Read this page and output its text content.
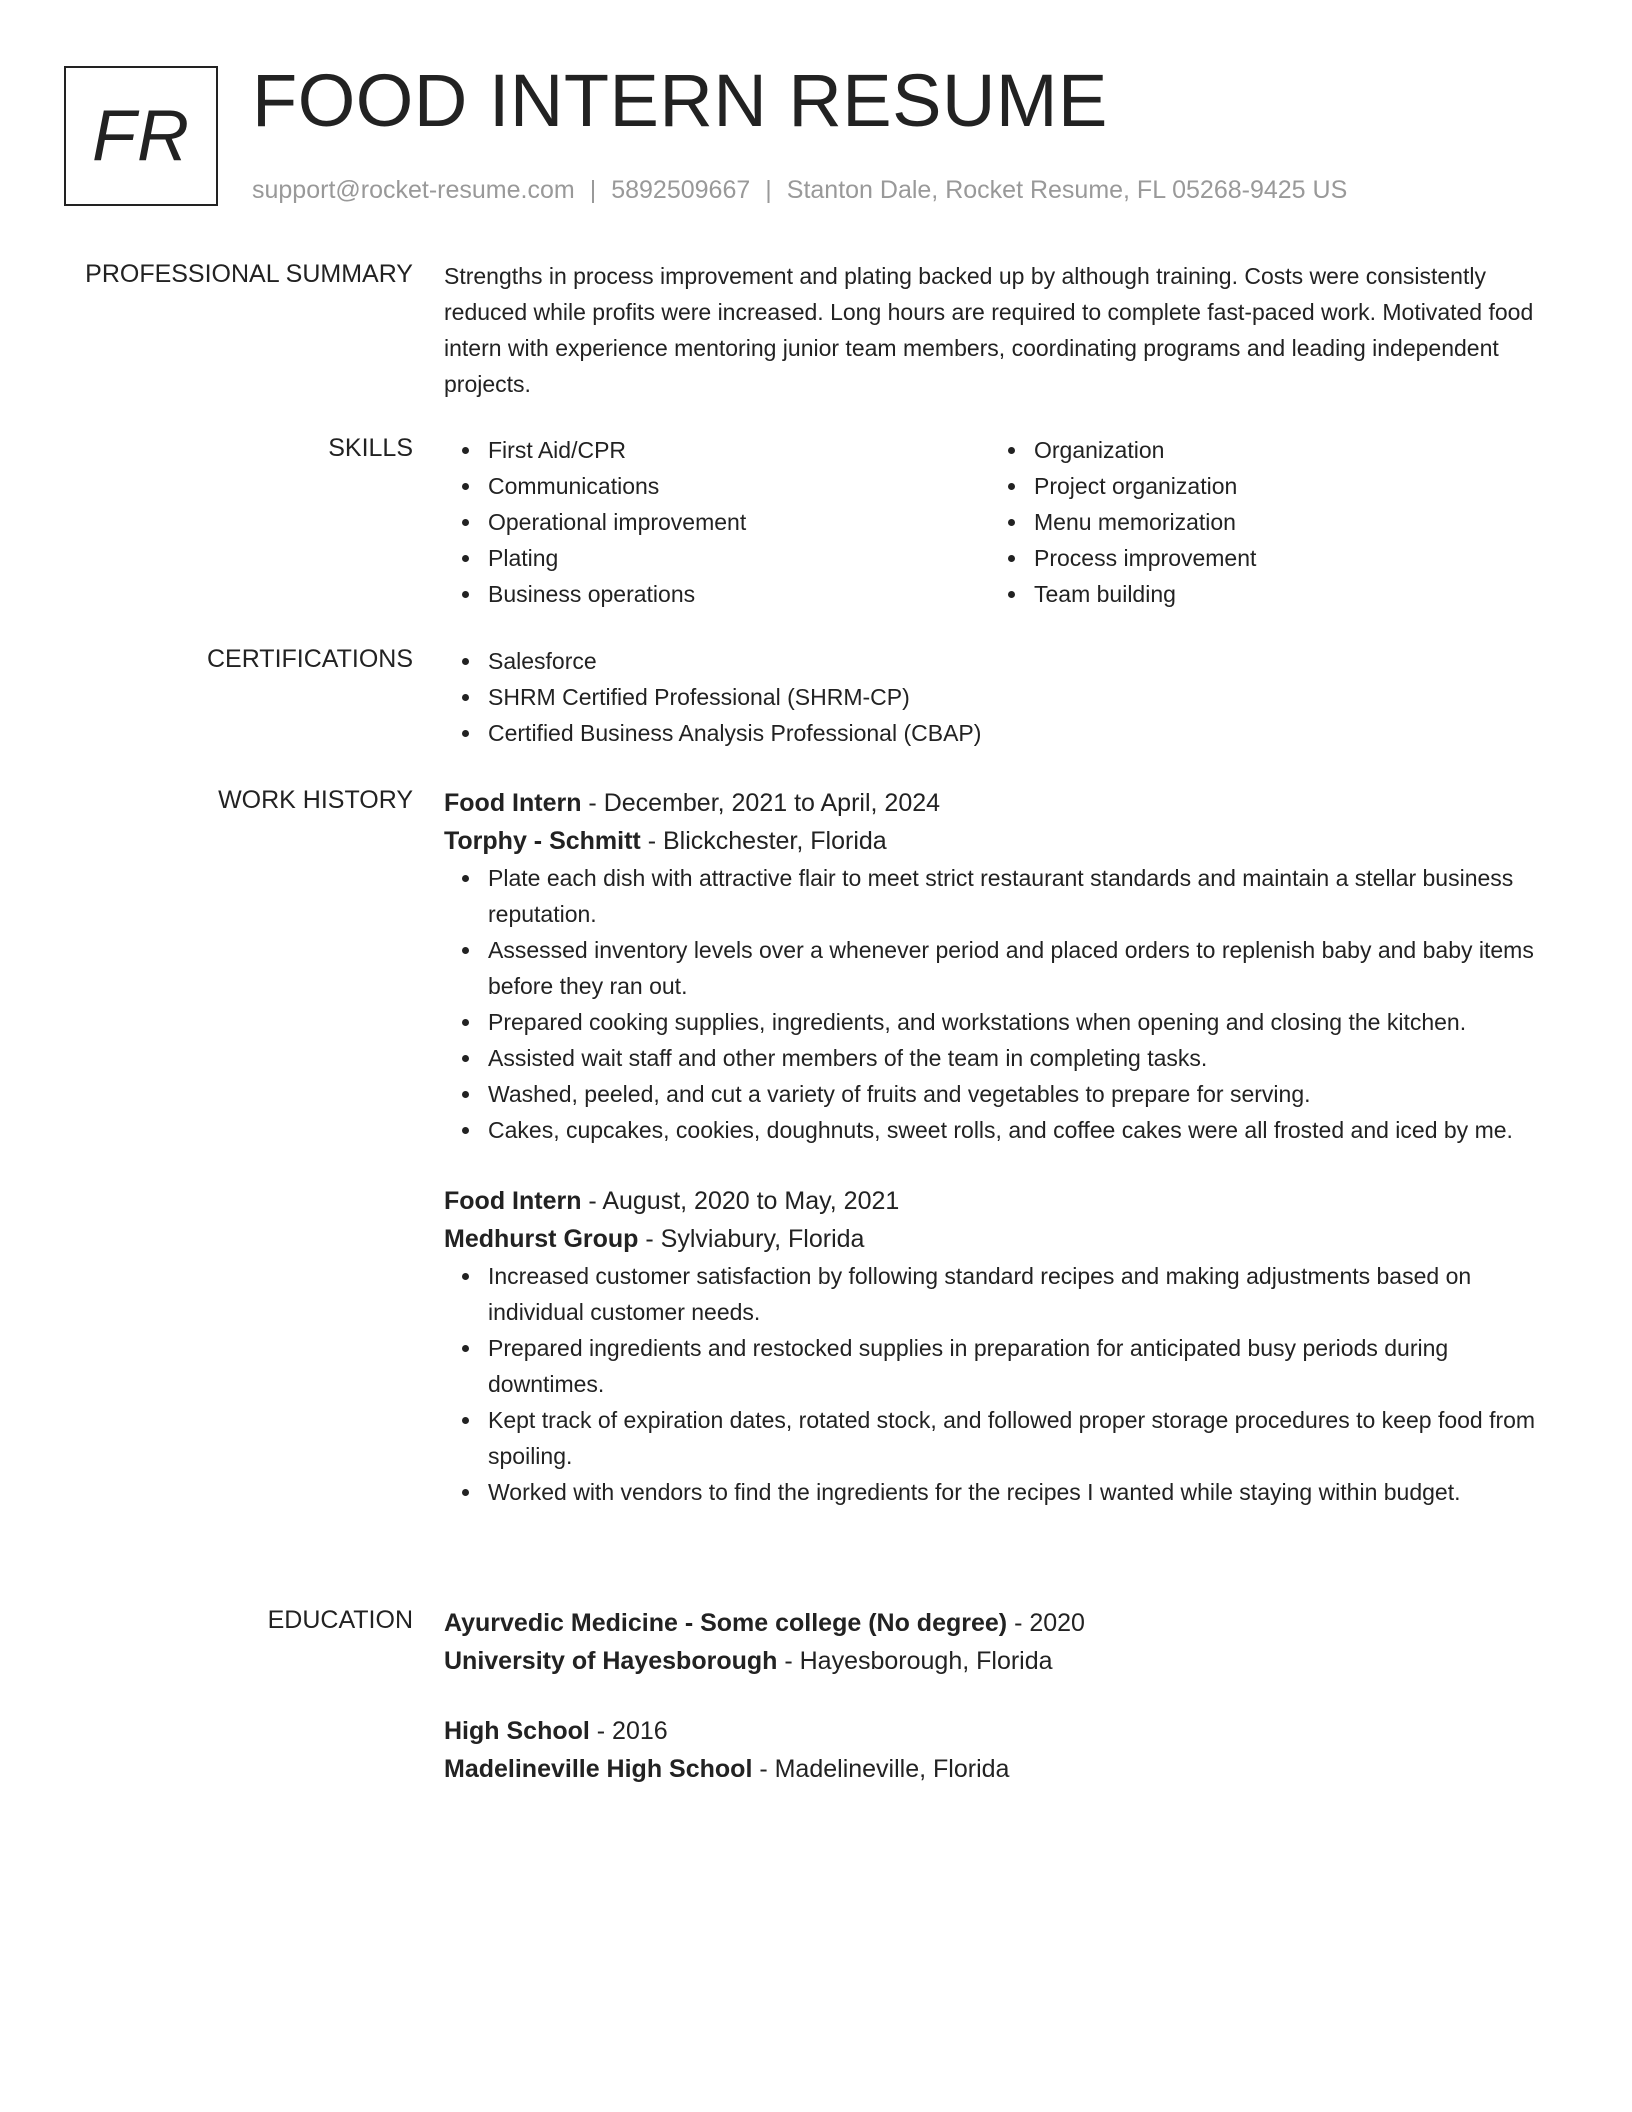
FR FOOD INTERN RESUME
support@rocket-resume.com | 5892509667 | Stanton Dale, Rocket Resume, FL 05268-9425 US
PROFESSIONAL SUMMARY Strengths in process improvement and plating backed up by although training. Costs were consistently reduced while profits were increased. Long hours are required to complete fast-paced work. Motivated food intern with experience mentoring junior team members, coordinating programs and leading independent projects.

SKILLS	First Aid/CPR
Communications
Operational improvement
Plating
Business operations
Organization
Project organization
Menu memorization
Process improvement
Team building
CERTIFICATIONS	Salesforce
SHRM Certified Professional (SHRM-CP)
Certified Business Analysis Professional (CBAP)
WORK HISTORY Food Intern - December, 2021 to April, 2024
Torphy - Schmitt - Blickchester, Florida
Plate each dish with attractive flair to meet strict restaurant standards and maintain a stellar business reputation.
Assessed inventory levels over a whenever period and placed orders to replenish baby and baby items before they ran out.
Prepared cooking supplies, ingredients, and workstations when opening and closing the kitchen.
Assisted wait staff and other members of the team in completing tasks.
Washed, peeled, and cut a variety of fruits and vegetables to prepare for serving.
Cakes, cupcakes, cookies, doughnuts, sweet rolls, and coffee cakes were all frosted and iced by me.
Food Intern - August, 2020 to May, 2021
Medhurst Group - Sylviabury, Florida
Increased customer satisfaction by following standard recipes and making adjustments based on individual customer needs.
Prepared ingredients and restocked supplies in preparation for anticipated busy periods during downtimes.
Kept track of expiration dates, rotated stock, and followed proper storage procedures to keep food from spoiling.
Worked with vendors to find the ingredients for the recipes I wanted while staying within budget.
EDUCATION Ayurvedic Medicine - Some college (No degree) - 2020
University of Hayesborough - Hayesborough, Florida
High School - 2016
Madelineville High School - Madelineville, Florida
